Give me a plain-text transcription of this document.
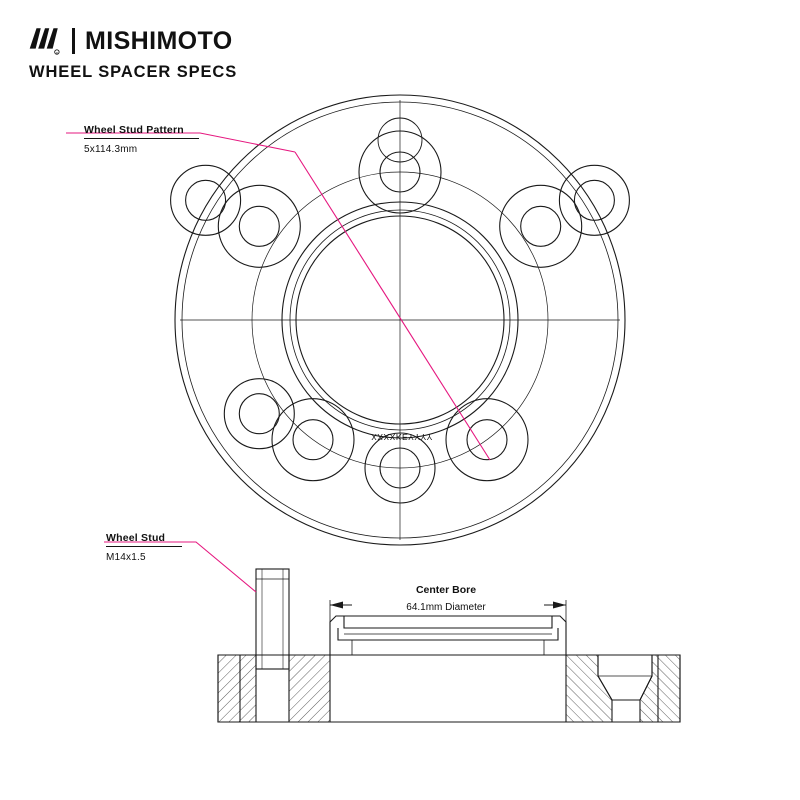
R MISHIMOTO
WHEEL SPACER SPECS
Wheel Stud Pattern
5x114.3mm
Wheel Stud
M14x1.5
Center Bore
64.1mm Diameter
XXXXKEYYYY
